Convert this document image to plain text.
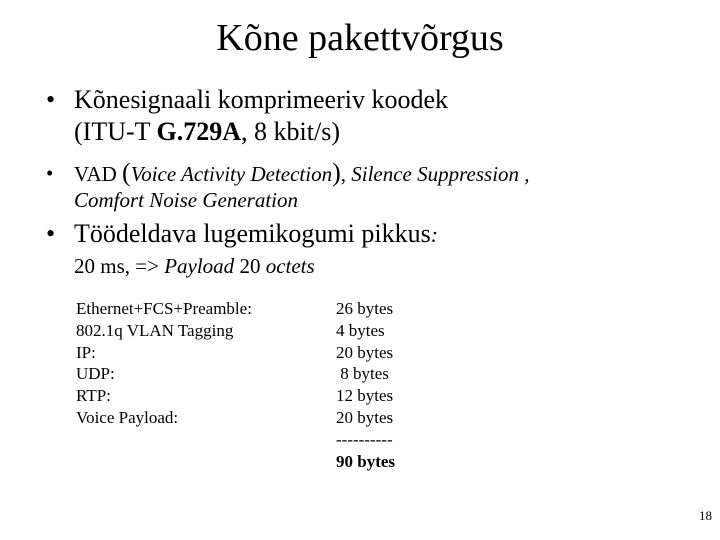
Kõne pakettvõrgus
• Kõnesignaali komprimeeriv koodek
(ITU-T G.729A, 8 kbit/s)
• VAD (Voice Activity Detection), Silence Suppression ,
Comfort Noise Generation
• Töödeldava lugemikogumi pikkus:
20 ms, => Payload 20 octets
Ethernet+FCS+Preamble:
802.1q VLAN Tagging
IP:
UDP:
RTP:
Voice Payload:
26 bytes
4 bytes
20 bytes
8 bytes
12 bytes
20 bytes
----------
90 bytes
18
